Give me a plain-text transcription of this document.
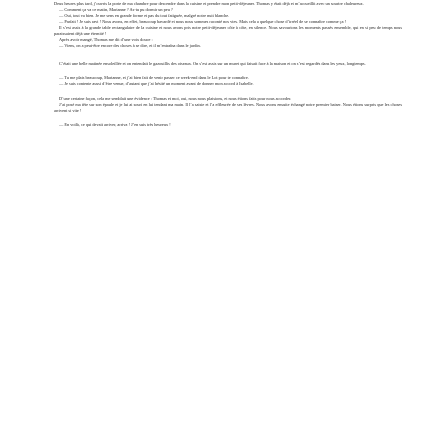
Deux heures plus tard, j’ouvris la porte de ma chambre pour descendre dans la cuisine et prendre mon petit-déjeuner. Thomas y était déjà et m’accueillit avec un sourire chaleureux.

— Comment ça va ce matin, Marianne ? As-tu pu dormir un peu ?

— Oui, tout va bien. Je me sens en grande forme et pas du tout fatiguée, malgré notre nuit blanche.

— Parfait ! Je suis ravi ! Nous avons, en effet, beaucoup bavardé et nous nous sommes raconté nos vies. Mais cela a quelque chose d’irréel de se connaître comme ça !

Il s’est assis à la grande table rectangulaire de la cuisine et nous avons pris notre petit-déjeuner côte à côte, en silence. Nous savourions les moments passés ensemble, qui en si peu de temps nous paraissaient déjà une éternité !

Après avoir mangé, Thomas me dit d’une voix douce :

— Viens, on a peut-être encore des choses à se dire, et il m’entraîna dans le jardin.

C’était une belle matinée ensoleillée et on entendait le gazouillis des oiseaux. On s’est assis sur un muret qui faisait face à la maison et on s’est regardés dans les yeux, longtemps.

— Tu me plais beaucoup, Marianne, et j’ai bien fait de venir passer ce week-end dans le Lot pour te connaître.

— Je suis contente aussi d’être venue, d’autant que j’ai hésité un moment avant de donner mon accord à Isabelle.

D’une certaine façon, cela me semblait une évidence : Thomas et moi, oui, nous nous plaisions, et nous étions faits pour nous accorder.

J’ai posé ma tête sur son épaule et je lui ai souri en lui tendant ma main. Il l’a saisie et l’a effleurée de ses lèvres. Nous avons ensuite échangé notre premier baiser. Nous étions surpris que les choses arrivent si vite !

— En voilà, ce qui devait arriver, arriva ! J’en suis très heureux !
